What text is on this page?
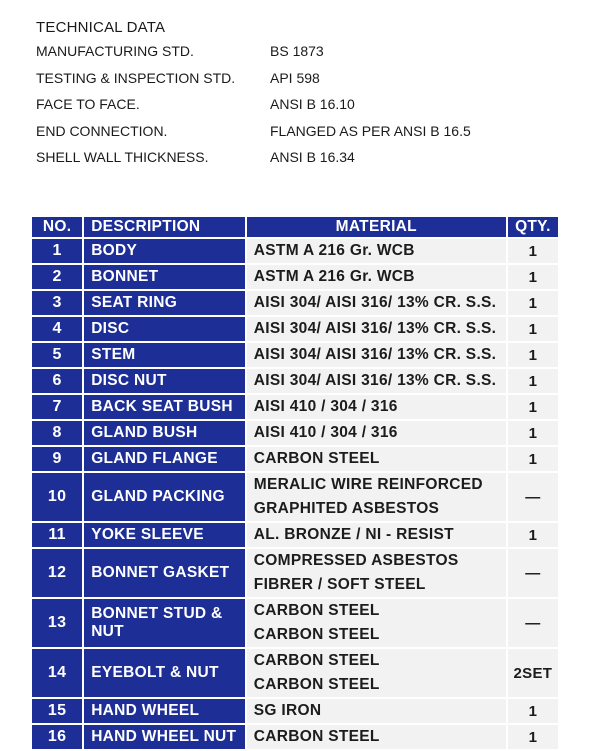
TECHNICAL DATA
MANUFACTURING STD.	BS 1873
TESTING & INSPECTION STD.	API 598
FACE TO FACE.	ANSI B 16.10
END CONNECTION.	FLANGED AS PER ANSI B 16.5
SHELL WALL THICKNESS.	ANSI B 16.34
NO.	DESCRIPTION	MATERIAL	QTY.
1	BODY	ASTM A 216 Gr. WCB	1
2	BONNET	ASTM A 216 Gr. WCB	1
3	SEAT RING	AISI 304/ AISI 316/ 13% CR. S.S.	1
4	DISC	AISI 304/ AISI 316/ 13% CR. S.S.	1
5	STEM	AISI 304/ AISI 316/ 13% CR. S.S.	1
6	DISC NUT	AISI 304/ AISI 316/ 13% CR. S.S.	1
7	BACK SEAT BUSH	AISI 410 / 304 / 316	1
8	GLAND BUSH	AISI 410 / 304 / 316	1
9	GLAND FLANGE	CARBON STEEL	1
10	GLAND PACKING	MERALIC WIRE REINFORCED
GRAPHITED ASBESTOS	—
11	YOKE SLEEVE	AL. BRONZE / NI - RESIST	1
12	BONNET GASKET	COMPRESSED ASBESTOS
FIBRER / SOFT STEEL	—
13	BONNET STUD & NUT	CARBON STEEL
CARBON STEEL	—
14	EYEBOLT & NUT	CARBON STEEL
CARBON STEEL	2SET
15	HAND WHEEL	SG IRON	1
16	HAND WHEEL NUT	CARBON STEEL	1
